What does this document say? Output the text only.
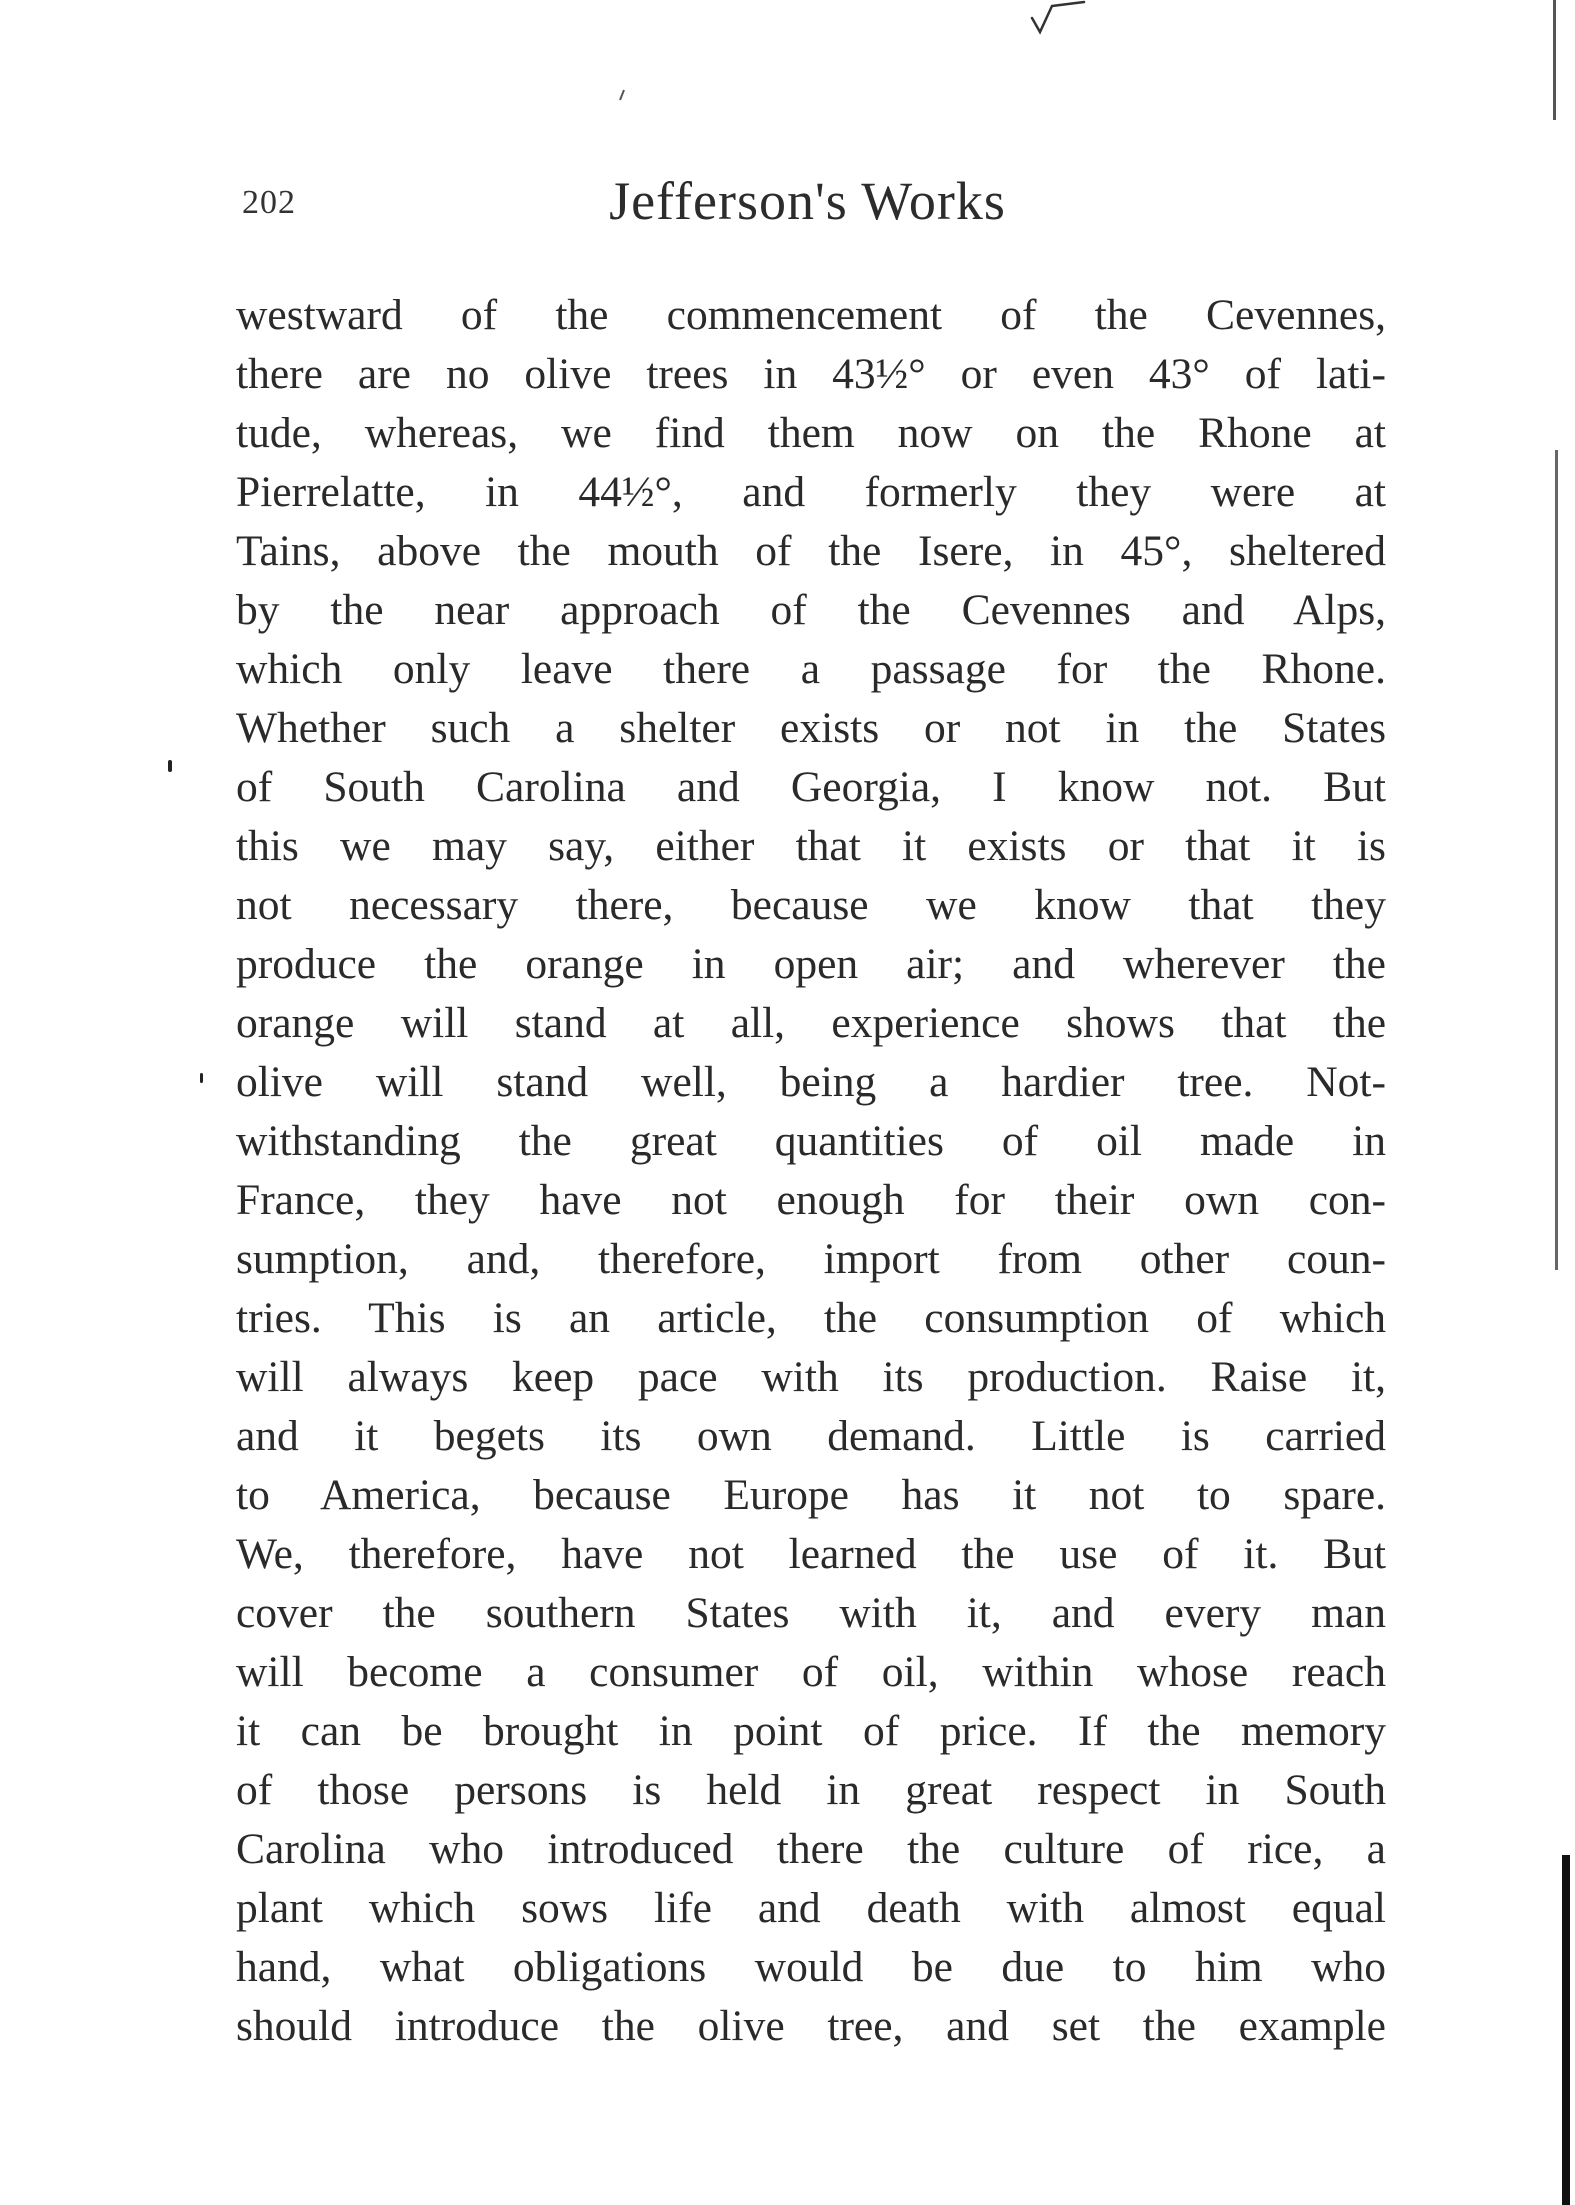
202	Jefferson's Works
westward of the commencement of the Cevennes,
there are no olive trees in 43½° or even 43° of lati-
tude, whereas, we find them now on the Rhone at
Pierrelatte, in 44½°, and formerly they were at
Tains, above the mouth of the Isere, in 45°, sheltered
by the near approach of the Cevennes and Alps,
which only leave there a passage for the Rhone.
Whether such a shelter exists or not in the States
of South Carolina and Georgia, I know not. But
this we may say, either that it exists or that it is
not necessary there, because we know that they
produce the orange in open air; and wherever the
orange will stand at all, experience shows that the
olive will stand well, being a hardier tree. Not-
withstanding the great quantities of oil made in
France, they have not enough for their own con-
sumption, and, therefore, import from other coun-
tries. This is an article, the consumption of which
will always keep pace with its production. Raise it,
and it begets its own demand. Little is carried
to America, because Europe has it not to spare.
We, therefore, have not learned the use of it. But
cover the southern States with it, and every man
will become a consumer of oil, within whose reach
it can be brought in point of price. If the memory
of those persons is held in great respect in South
Carolina who introduced there the culture of rice, a
plant which sows life and death with almost equal
hand, what obligations would be due to him who
should introduce the olive tree, and set the example
